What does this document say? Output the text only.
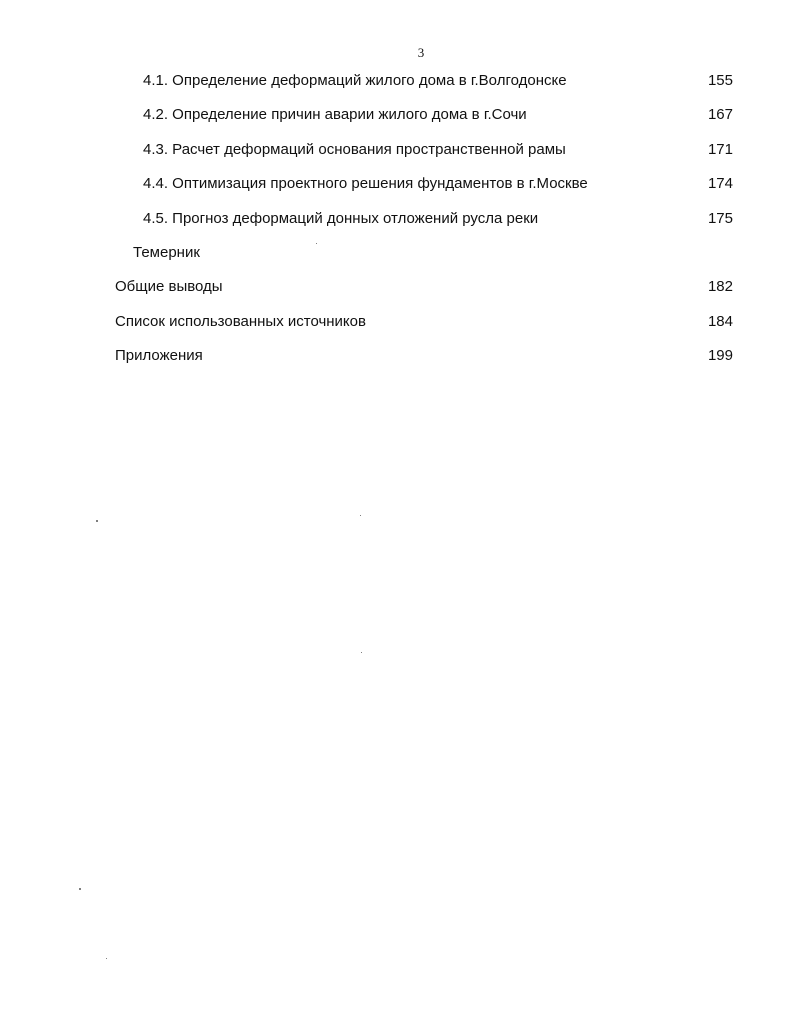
3
4.1. Определение деформаций жилого дома в г.Волгодонске	155
4.2. Определение причин аварии жилого дома в г.Сочи	167
4.3. Расчет деформаций основания пространственной рамы	171
4.4. Оптимизация проектного решения фундаментов в г.Москве	174
4.5. Прогноз деформаций донных отложений русла реки	175
Темерник
Общие выводы	182
Список использованных источников	184
Приложения	199
